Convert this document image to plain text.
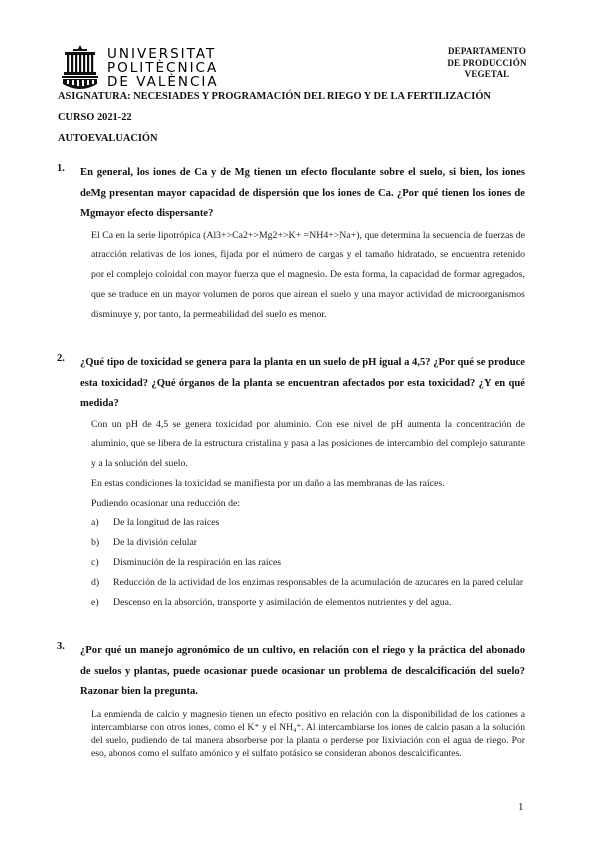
UNIVERSITAT
POLITÈCNICA
DE VALÈNCIA
DEPARTAMENTO
DE PRODUCCIÓN
VEGETAL
ASIGNATURA: NECESIADES Y PROGRAMACIÓN DEL RIEGO Y DE LA FERTILIZACIÓN
CURSO 2021-22
AUTOEVALUACIÓN
1. En general, los iones de Ca y de Mg tienen un efecto floculante sobre el suelo, si bien, los iones deMg presentan mayor capacidad de dispersión que los iones de Ca. ¿Por qué tienen los iones de Mgmayor efecto dispersante?

El Ca en la serie lipotrópica (Al3+>Ca2+>Mg2+>K+ =NH4+>Na+), que determina la secuencia de fuerzas de atracción relativas de los iones, fijada por el número de cargas y el tamaño hidratado, se encuentra retenido por el complejo coloidal con mayor fuerza que el magnesio. De esta forma, la capacidad de formar agregados, que se traduce en un mayor volumen de poros que airean el suelo y una mayor actividad de microorganismos disminuye y, por tanto, la permeabilidad del suelo es menor.
2. ¿Qué tipo de toxicidad se genera para la planta en un suelo de pH igual a 4,5? ¿Por qué se produce esta toxicidad? ¿Qué órganos de la planta se encuentran afectados por esta toxicidad? ¿Y en qué medida?

Con un pH de 4,5 se genera toxicidad por aluminio. Con ese nivel de pH aumenta la concentración de aluminio, que se libera de la estructura cristalina y pasa a las posiciones de intercambio del complejo saturante y a la solución del suelo.

En estas condiciones la toxicidad se manifiesta por un daño a las membranas de las raíces.

Pudiendo ocasionar una reducción de:

a) De la longitud de las raíces
b) De la división celular
c) Disminución de la respiración en las raíces
d) Reducción de la actividad de los enzimas responsables de la acumulación de azucares en la pared celular
e) Descenso en la absorción, transporte y asimilación de elementos nutrientes y del agua.
3. ¿Por qué un manejo agronómico de un cultivo, en relación con el riego y la práctica del abonado de suelos y plantas, puede ocasionar puede ocasionar un problema de descalcificación del suelo? Razonar bien la pregunta.

La enmienda de calcio y magnesio tienen un efecto positivo en relación con la disponibilidad de los cationes a intercambiarse con otros iones, como el K⁺ y el NH₄⁺. Al intercambiarse los iones de calcio pasan a la solución del suelo, pudiendo de tal manera absorberse por la planta o perderse por lixiviación con el agua de riego. Por eso, abonos como el sulfato amónico y el sulfato potásico se consideran abonos descalcificantes.
1
